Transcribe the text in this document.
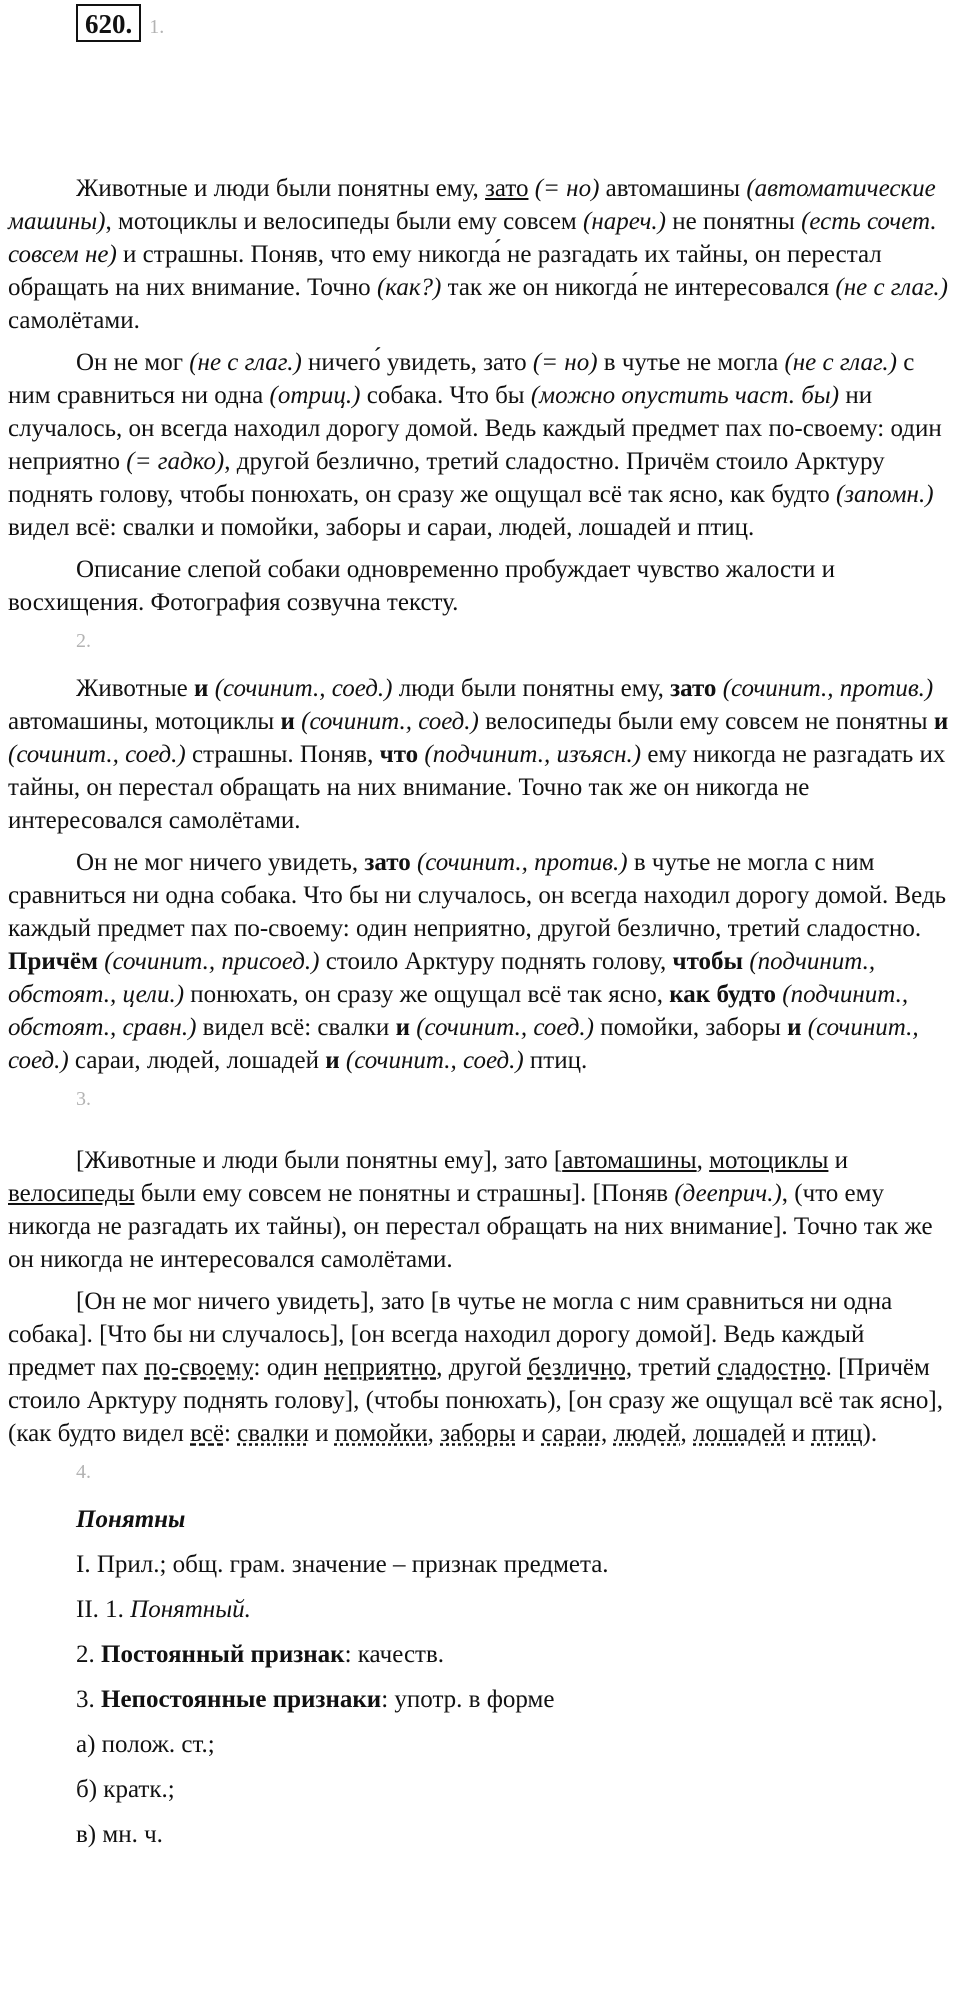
620. 1.

Животные и люди были понятны ему, зато (= но) автомашины (автоматические машины), мотоциклы и велосипеды были ему совсем (нареч.) не понятны (есть сочет. совсем не) и страшны. Поняв, что ему никогда́ не разгадать их тайны, он перестал обращать на них внимание. Точно (как?) так же он никогда́ не интересовался (не с глаг.) самолётами.

Он не мог (не с глаг.) ничего́ увидеть, зато (= но) в чутье не могла (не с глаг.) с ним сравниться ни одна (отриц.) собака. Что бы (можно опустить част. бы) ни случалось, он всегда находил дорогу домой. Ведь каждый предмет пах по-своему: один неприятно (= гадко), другой безлично, третий сладостно. Причём стоило Арктуру поднять голову, чтобы понюхать, он сразу же ощущал всё так ясно, как будто (запомн.) видел всё: свалки и помойки, заборы и сараи, людей, лошадей и птиц.

Описание слепой собаки одновременно пробуждает чувство жалости и восхищения. Фотография созвучна тексту.

2.

Животные и (сочинит., соед.) люди были понятны ему, зато (сочинит., против.) автомашины, мотоциклы и (сочинит., соед.) велосипеды были ему совсем не понятны и (сочинит., соед.) страшны. Поняв, что (подчинит., изъясн.) ему никогда не разгадать их тайны, он перестал обращать на них внимание. Точно так же он никогда не интересовался самолётами.

Он не мог ничего увидеть, зато (сочинит., против.) в чутье не могла с ним сравниться ни одна собака. Что бы ни случалось, он всегда находил дорогу домой. Ведь каждый предмет пах по-своему: один неприятно, другой безлично, третий сладостно. Причём (сочинит., присоед.) стоило Арктуру поднять голову, чтобы (подчинит., обстоят., цели.) понюхать, он сразу же ощущал всё так ясно, как будто (подчинит., обстоят., сравн.) видел всё: свалки и (сочинит., соед.) помойки, заборы и (сочинит., соед.) сараи, людей, лошадей и (сочинит., соед.) птиц.

3.

[Животные и люди были понятны ему], зато [автомашины, мотоциклы и велосипеды были ему совсем не понятны и страшны]. [Поняв (дееприч.), (что ему никогда не разгадать их тайны), он перестал обращать на них внимание]. Точно так же он никогда не интересовался самолётами.

[Он не мог ничего увидеть], зато [в чутье не могла с ним сравниться ни одна собака]. [Что бы ни случалось], [он всегда находил дорогу домой]. Ведь каждый предмет пах по-своему: один неприятно, другой безлично, третий сладостно. [Причём стоило Арктуру поднять голову], (чтобы понюхать), [он сразу же ощущал всё так ясно], (как будто видел всё: свалки и помойки, заборы и сараи, людей, лошадей и птиц).

4.

Понятны

I. Прил.; общ. грам. значение – признак предмета.

II. 1. Понятный.

2. Постоянный признак: качеств.

3. Непостоянные признаки: употр. в форме

а) полож. ст.;

б) кратк.;

в) мн. ч.
